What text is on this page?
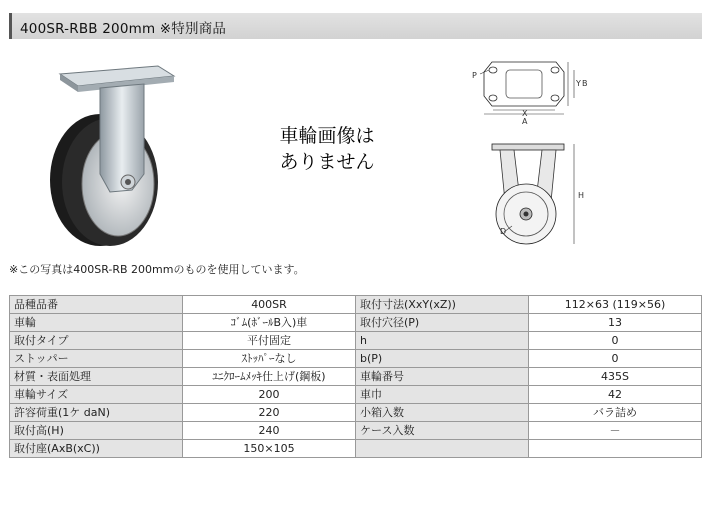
400SR-RBB 200mm ※特別商品
車輪画像は
ありません
P
Y B
X
A
H
D
※この写真は400SR-RB 200mmのものを使用しています。
品種品番	400SR	取付寸法(XxY(xZ))	112×63 (119×56)
車輪	ｺﾞﾑ(ﾎﾞｰﾙB入)車	取付穴径(P)	13
取付タイプ	平付固定	h	0
ストッパー	ｽﾄｯﾊﾟｰなし	b(P)	0
材質・表面処理	ﾕﾆｸﾛｰﾑﾒｯｷ仕上げ(鋼板)	車輪番号	435S
車輪サイズ	200	車巾	42
許容荷重(1ケ daN)	220	小箱入数	バラ詰め
取付高(H)	240	ケース入数	－
取付座(AxB(xC))	150×105		
